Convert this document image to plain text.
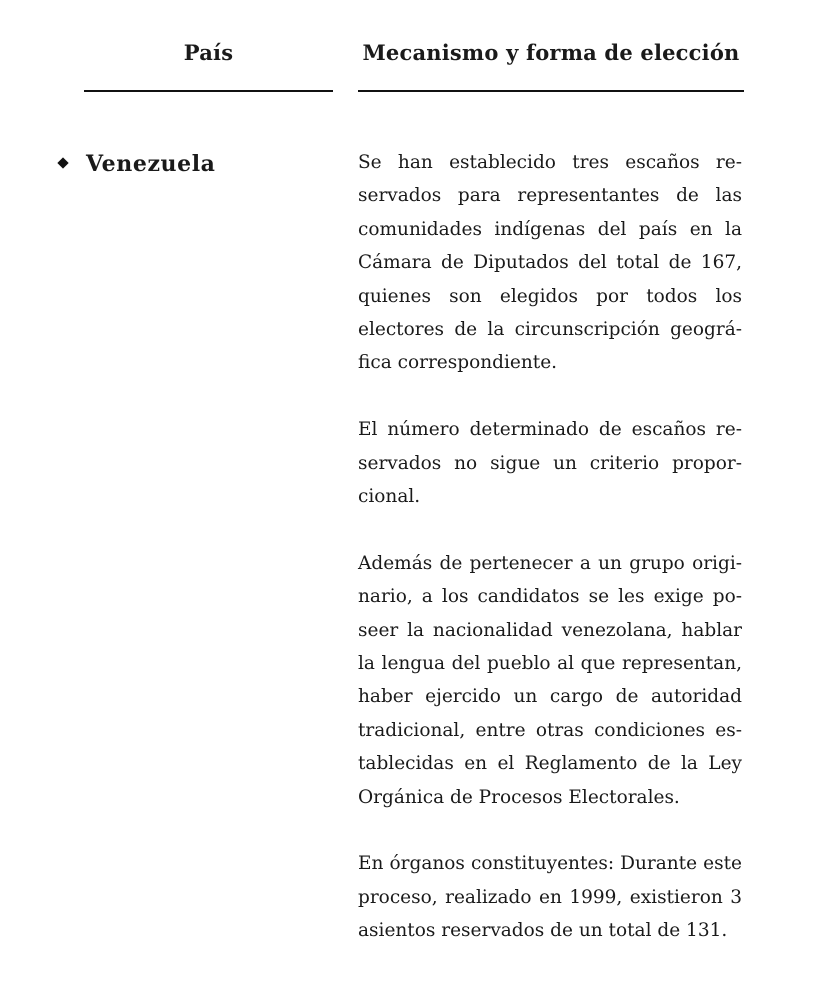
País	Mecanismo y forma de elección
Venezuela	Se han establecido tres escaños reservados para representantes de las comunidades indígenas del país en la Cámara de Diputados del total de 167, quienes son elegidos por todos los electores de la circunscripción geográfica correspondiente.

El número determinado de escaños reservados no sigue un criterio proporcional.

Además de pertenecer a un grupo originario, a los candidatos se les exige poseer la nacionalidad venezolana, hablar la lengua del pueblo al que representan, haber ejercido un cargo de autoridad tradicional, entre otras condiciones establecidas en el Reglamento de la Ley Orgánica de Procesos Electorales.

En órganos constituyentes: Durante este proceso, realizado en 1999, existieron 3 asientos reservados de un total de 131.
